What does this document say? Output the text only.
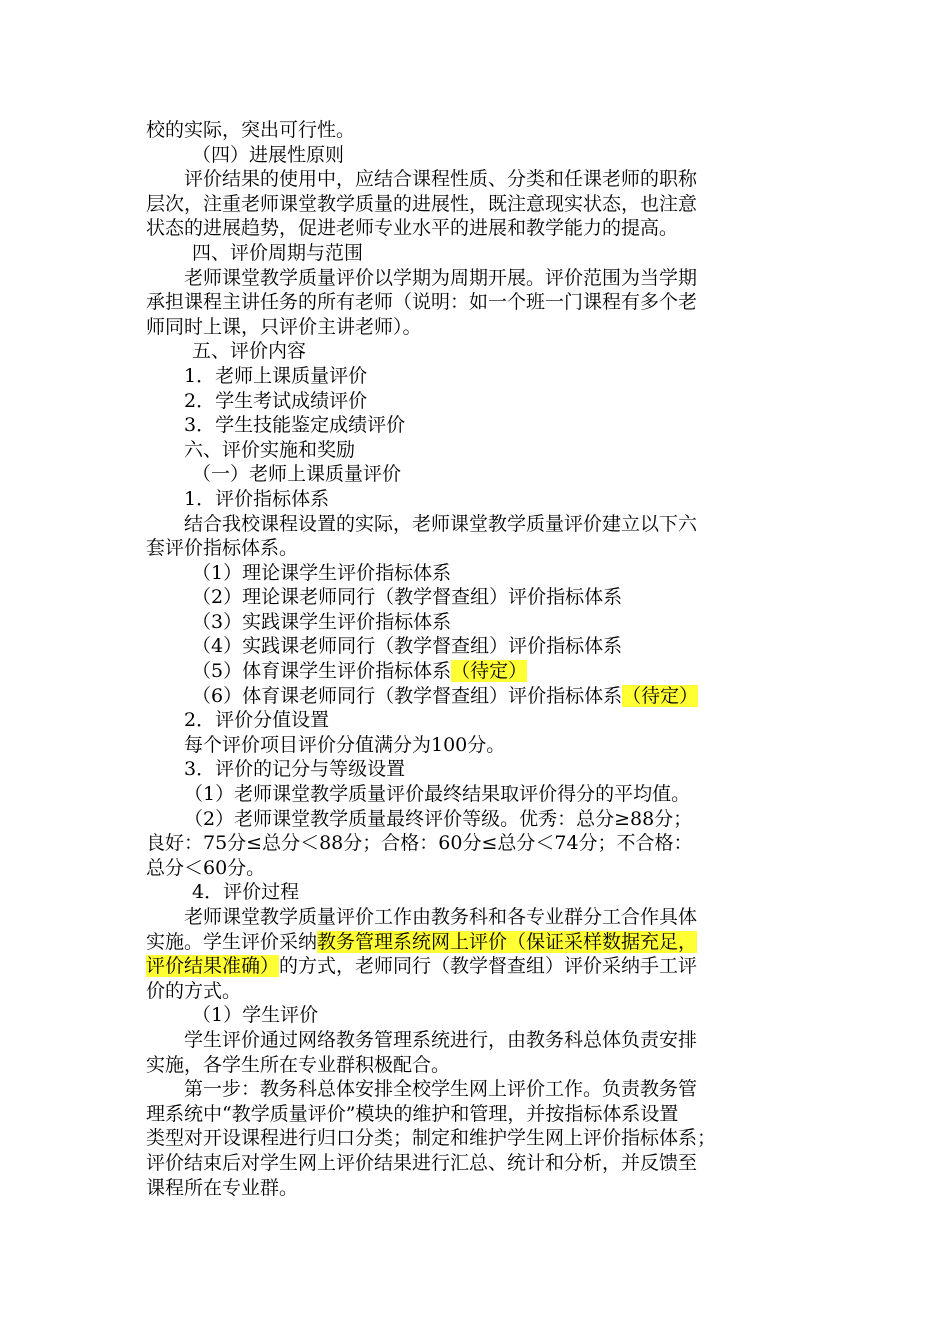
校的实际，突出可行性。
（四）进展性原则
评价结果的使用中，应结合课程性质、分类和任课老师的职称
层次，注重老师课堂教学质量的进展性，既注意现实状态，也注意
状态的进展趋势，促进老师专业水平的进展和教学能力的提高。
四、评价周期与范围
老师课堂教学质量评价以学期为周期开展。评价范围为当学期
承担课程主讲任务的所有老师（说明：如一个班一门课程有多个老
师同时上课，只评价主讲老师）。
五、评价内容
1．老师上课质量评价
2．学生考试成绩评价
3．学生技能鉴定成绩评价
六、评价实施和奖励
（一）老师上课质量评价
1．评价指标体系
结合我校课程设置的实际，老师课堂教学质量评价建立以下六
套评价指标体系。
（1）理论课学生评价指标体系
（2）理论课老师同行（教学督查组）评价指标体系
（3）实践课学生评价指标体系
（4）实践课老师同行（教学督查组）评价指标体系
（5）体育课学生评价指标体系（待定）
（6）体育课老师同行（教学督查组）评价指标体系（待定）
2．评价分值设置
每个评价项目评价分值满分为100分。
3．评价的记分与等级设置
（1）老师课堂教学质量评价最终结果取评价得分的平均值。
（2）老师课堂教学质量最终评价等级。优秀：总分≥88分；
良好：75分≤总分＜88分；合格：60分≤总分＜74分；不合格：
总分＜60分。
4．评价过程
老师课堂教学质量评价工作由教务科和各专业群分工合作具体
实施。学生评价采纳教务管理系统网上评价（保证采样数据充足，
评价结果准确）的方式，老师同行（教学督查组）评价采纳手工评
价的方式。
（1）学生评价
学生评价通过网络教务管理系统进行，由教务科总体负责安排
实施，各学生所在专业群积极配合。
第一步：教务科总体安排全校学生网上评价工作。负责教务管
理系统中“教学质量评价”模块的维护和管理，并按指标体系设置
类型对开设课程进行归口分类；制定和维护学生网上评价指标体系；
评价结束后对学生网上评价结果进行汇总、统计和分析，并反馈至
课程所在专业群。
